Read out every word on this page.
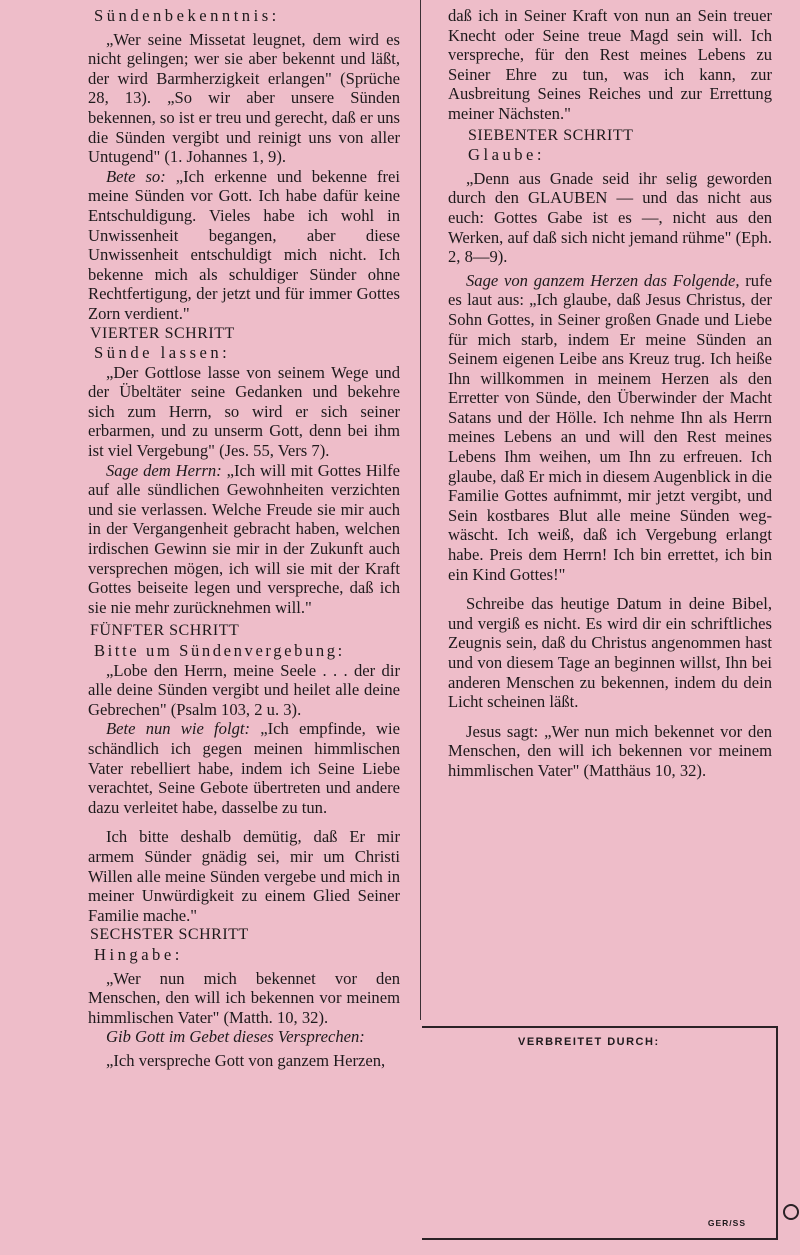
Sündenbekenntnis:

„Wer seine Missetat leugnet, dem wird es nicht gelingen; wer sie aber bekennt und läßt, der wird Barmherzigkeit erlangen" (Sprüche 28, 13). „So wir aber unsere Sünden bekennen, so ist er treu und gerecht, daß er uns die Sünden vergibt und reinigt uns von aller Untugend" (1. Johannes 1, 9).

Bete so: „Ich erkenne und bekenne frei meine Sünden vor Gott. Ich habe dafür keine Entschuldigung. Vieles habe ich wohl in Unwissenheit begangen, aber diese Unwissenheit entschuldigt mich nicht. Ich bekenne mich als schuldiger Sünder ohne Rechtfertigung, der jetzt und für immer Gottes Zorn verdient."

VIERTER SCHRITT
Sünde lassen:

„Der Gottlose lasse von seinem Wege und der Übeltäter seine Gedanken und bekehre sich zum Herrn, so wird er sich seiner erbarmen, und zu unserm Gott, denn bei ihm ist viel Vergebung" (Jes. 55, Vers 7).

Sage dem Herrn: „Ich will mit Gottes Hilfe auf alle sündlichen Gewohnheiten verzichten und sie verlassen. Welche Freude sie mir auch in der Vergangenheit gebracht haben, welchen irdischen Gewinn sie mir in der Zukunft auch versprechen mögen, ich will sie mit der Kraft Gottes beiseite legen und verspreche, daß ich sie nie mehr zurücknehmen will."

FÜNFTER SCHRITT
Bitte um Sündenvergebung:

„Lobe den Herrn, meine Seele . . . der dir alle deine Sünden vergibt und heilet alle deine Gebrechen" (Psalm 103, 2 u. 3).

Bete nun wie folgt: „Ich empfinde, wie schändlich ich gegen meinen himmlischen Vater rebelliert habe, indem ich Seine Liebe verachtet, Seine Gebote übertreten und andere dazu verleitet habe, dasselbe zu tun.

Ich bitte deshalb demütig, daß Er mir armem Sünder gnädig sei, mir um Christi Willen alle meine Sünden vergebe und mich in meiner Unwürdigkeit zu einem Glied Seiner Familie mache."

SECHSTER SCHRITT
Hingabe:

„Wer nun mich bekennet vor den Menschen, den will ich bekennen vor meinem himmlischen Vater" (Matth. 10, 32).

Gib Gott im Gebet dieses Versprechen:

„Ich verspreche Gott von ganzem Herzen,

daß ich in Seiner Kraft von nun an Sein treuer Knecht oder Seine treue Magd sein will. Ich verspreche, für den Rest meines Lebens zu Seiner Ehre zu tun, was ich kann, zur Ausbreitung Seines Reiches und zur Errettung meiner Nächsten."

SIEBENTER SCHRITT
Glaube:

„Denn aus Gnade seid ihr selig geworden durch den GLAUBEN — und das nicht aus euch: Gottes Gabe ist es —, nicht aus den Werken, auf daß sich nicht jemand rühme" (Eph. 2, 8—9).

Sage von ganzem Herzen das Folgende, rufe es laut aus: „Ich glaube, daß Jesus Christus, der Sohn Gottes, in Seiner großen Gnade und Liebe für mich starb, indem Er meine Sünden an Seinem eigenen Leibe ans Kreuz trug. Ich heiße Ihn willkommen in meinem Herzen als den Erretter von Sünde, den Überwinder der Macht Satans und der Hölle. Ich nehme Ihn als Herrn meines Lebens an und will den Rest meines Lebens Ihm weihen, um Ihn zu erfreuen. Ich glaube, daß Er mich in diesem Augenblick in die Familie Gottes aufnimmt, mir jetzt vergibt, und Sein kostbares Blut alle meine Sünden weg-wäscht. Ich weiß, daß ich Vergebung erlangt habe. Preis dem Herrn! Ich bin errettet, ich bin ein Kind Gottes!"

Schreibe das heutige Datum in deine Bibel, und vergiß es nicht. Es wird dir ein schriftliches Zeugnis sein, daß du Christus angenommen hast und von diesem Tage an beginnen willst, Ihn bei anderen Menschen zu bekennen, indem du dein Licht scheinen läßt.

Jesus sagt: „Wer nun mich bekennet vor den Menschen, den will ich bekennen vor meinem himmlischen Vater" (Matthäus 10, 32).

VERBREITET DURCH:
GER/SS
